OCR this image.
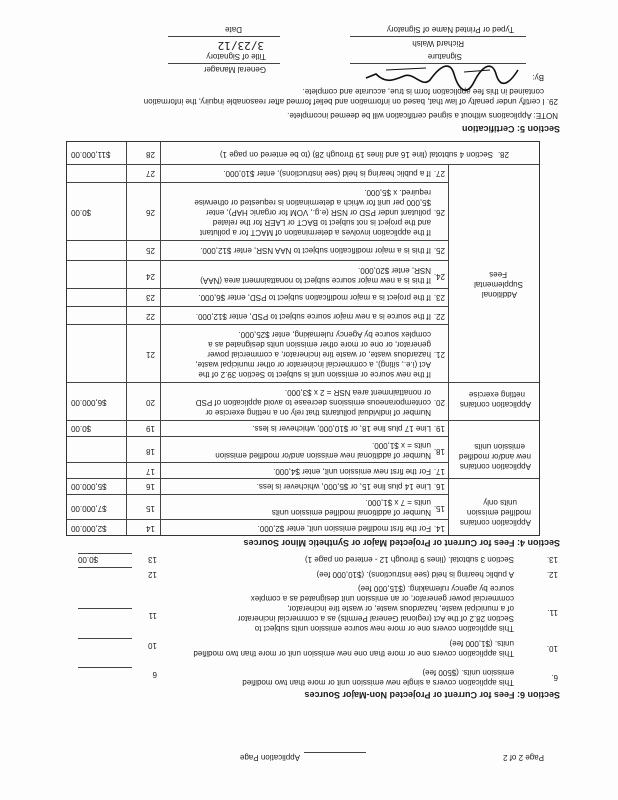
Section 6: Fees for Current or Projected Non-Major Sources
6.
This application covers a single new emission unit or more than two modified
emission units. ($500 fee)
6
10.
This application covers one or more than one new emission unit or more than two modified
units. ($1,000 fee)
10
11.
This application covers one or more new source emission units subject to
Section 28.2 of the Act (regional General Permits) as a commercial incinerator
of a municipal waste, hazardous waste, or waste tire incinerator,
commercial power generator, or an emission unit designated as a complex
source by agency rulemaking. ($15,000 fee)
11
12.
A public hearing is held (see instructions). ($10,000 fee)
12
13.
Section 3 subtotal. (lines 9 through 12 - entered on page 1)
13
$0.00
Section 4: Fees for Current or Projected Major or Synthetic Minor Sources
Application contains
modified emission
units only
14.
For the first modified emission unit, enter $2,000.
14
$2,000.00
15.
Number of additional modified emission units
units = 7 x $1,000.
15
$7,000.00
16.
Line 14 plus line 15, or $5,000, whichever is less.
16
$5,000.00
Application contains
new and/or modified
emission units
17.
For the first new emission unit, enter $4,000.
17
18.
Number of additional new emission and/or modified emission
units = x $1,000.
18
19.
Line 17 plus line 18, or $10,000, whichever is less.
19
$0.00
Application contains
netting exercise
20.
Number of individual pollutants that rely on a netting exercise or
contemporaneous emissions decrease to avoid application of PSD
or nonattainment area NSR = 2 x $3,000.
20
$6,000.00
Additional
Supplemental
Fees
21.
If the new source or emission unit is subject to Section 39.2 of the
Act (i.e., siting), a commercial incinerator or other municipal waste,
hazardous waste, or waste tire incinerator, a commercial power
generator, or one or more other emission units designated as a
complex source by Agency rulemaking, enter $25,000.
21
22.
If the source is a new major source subject to PSD, enter $12,000.
22
23.
If the project is a major modification subject to PSD, enter $6,000.
23
24.
If this is a new major source subject to nonattainment area (NAA)
NSR, enter $20,000.
24
25.
If this is a major modification subject to NAA NSR, enter $12,000.
25
26.
If the application involves a determination of MACT for a pollutant
and the project is not subject to BACT or LAER for the related
pollutant under PSD or NSR (e.g., VOM for organic HAP), enter
$5,000 per unit for which a determination is requested or otherwise
required. x $5,000.
26
$0.00
27.
If a public hearing is held (see instructions), enter $10,000.
27
28.
Section 4 subtotal (line 16 and lines 19 through 28) (to be entered on page 1)
28
$11,000.00
Section 5: Certification
NOTE: Applications without a signed certification will be deemed incomplete.
29. I certify under penalty of law that, based on information and belief formed after reasonable inquiry, the information
contained in this fee application form is true, accurate and complete.
By:
Signature
General Manager
Title of Signatory
Richard Walsh
Typed or Printed Name of Signatory
3/23/12
Date
Page 2 of 2
Application Page
